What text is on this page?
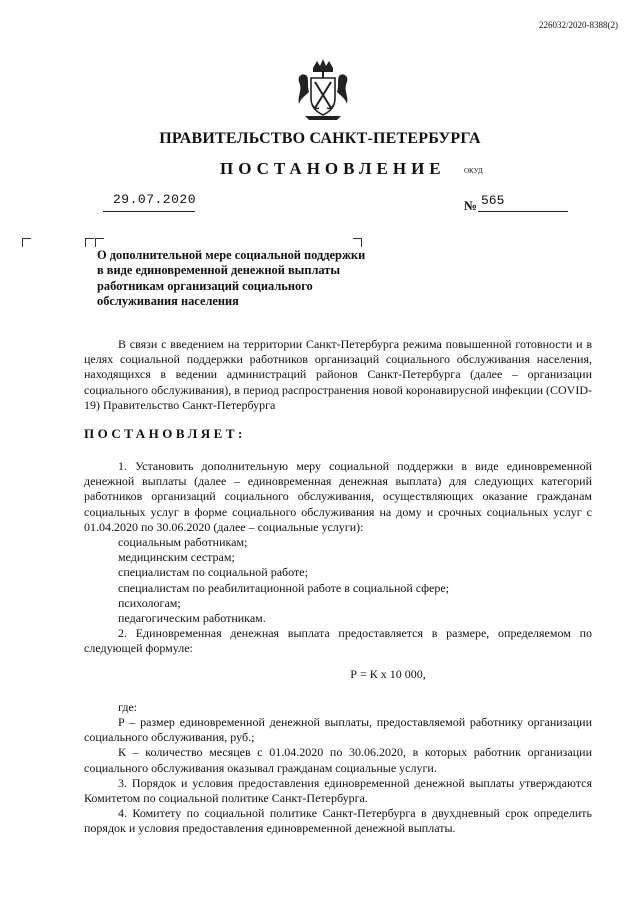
226032/2020-8388(2)
ПРАВИТЕЛЬСТВО САНКТ-ПЕТЕРБУРГА
ПОСТАНОВЛЕНИЕ	ОКУД
29.07.2020	№ 565
О дополнительной мере социальной поддержки
в виде единовременной денежной выплаты
работникам организаций социального
обслуживания населения

В связи с введением на территории Санкт-Петербурга режима повышенной готовности и в целях социальной поддержки работников организаций социального обслуживания населения, находящихся в ведении администраций районов Санкт-Петербурга (далее – организации социального обслуживания), в период распространения новой коронавирусной инфекции (COVID-19) Правительство Санкт-Петербурга

ПОСТАНОВЛЯЕТ:

1. Установить дополнительную меру социальной поддержки в виде единовременной денежной выплаты (далее – единовременная денежная выплата) для следующих категорий работников организаций социального обслуживания, осуществляющих оказание гражданам социальных услуг в форме социального обслуживания на дому и срочных социальных услуг с 01.04.2020 по 30.06.2020 (далее – социальные услуги):

социальным работникам;

медицинским сестрам;

специалистам по социальной работе;

специалистам по реабилитационной работе в социальной сфере;

психологам;

педагогическим работникам.

2. Единовременная денежная выплата предоставляется в размере, определяемом по следующей формуле:

Р = К х 10 000,

где:

Р – размер единовременной денежной выплаты, предоставляемой работнику организации социального обслуживания, руб.;

К – количество месяцев с 01.04.2020 по 30.06.2020, в которых работник организации социального обслуживания оказывал гражданам социальные услуги.

3. Порядок и условия предоставления единовременной денежной выплаты утверждаются Комитетом по социальной политике Санкт-Петербурга.

4. Комитету по социальной политике Санкт-Петербурга в двухдневный срок определить порядок и условия предоставления единовременной денежной выплаты.
